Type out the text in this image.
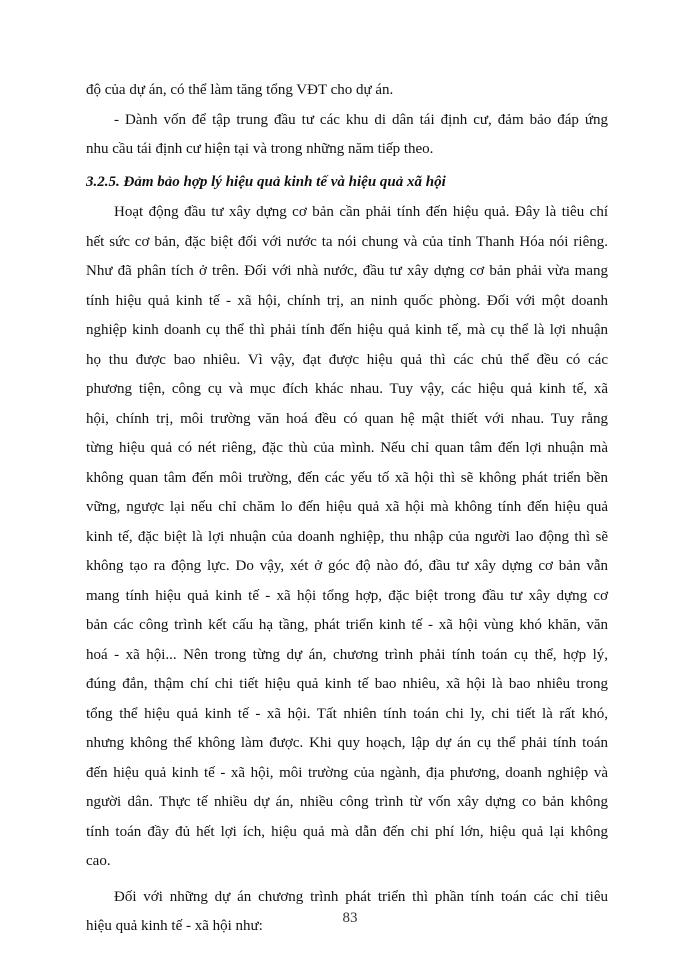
độ của dự án, có thể làm tăng tổng VĐT cho dự án.
- Dành vốn để tập trung đầu tư các khu di dân tái định cư, đảm bảo đáp ứng
nhu cầu tái định cư hiện tại và trong những năm tiếp theo.
3.2.5. Đảm bảo hợp lý hiệu quả kinh tế và hiệu quả xã hội
Hoạt động đầu tư xây dựng cơ bản cần phải tính đến hiệu quả. Đây là tiêu chí
hết sức cơ bản, đặc biệt đối với nước ta nói chung và của tỉnh Thanh Hóa nói riêng.
Như đã phân tích ở trên. Đối với nhà nước, đầu tư xây dựng cơ bản phải vừa mang
tính hiệu quả kinh tế - xã hội, chính trị, an ninh quốc phòng. Đối với một doanh
nghiệp kinh doanh cụ thể thì phải tính đến hiệu quả kinh tế, mà cụ thể là lợi nhuận
họ thu được bao nhiêu. Vì vậy, đạt được hiệu quả thì các chủ thể đều có các
phương tiện, công cụ và mục đích khác nhau. Tuy vậy, các hiệu quả kinh tế, xã
hội, chính trị, môi trường văn hoá đều có quan hệ mật thiết với nhau. Tuy rằng
từng hiệu quả có nét riêng, đặc thù của mình. Nếu chỉ quan tâm đến lợi nhuận mà
không quan tâm đến môi trường, đến các yếu tố xã hội thì sẽ không phát triển bền
vững, ngược lại nếu chỉ chăm lo đến hiệu quả xã hội mà không tính đến hiệu quả
kinh tế, đặc biệt là lợi nhuận của doanh nghiệp, thu nhập của người lao động thì sẽ
không tạo ra động lực. Do vậy, xét ở góc độ nào đó, đầu tư xây dựng cơ bản vẫn
mang tính hiệu quả kinh tế - xã hội tổng hợp, đặc biệt trong đầu tư xây dựng cơ
bản các công trình kết cấu hạ tầng, phát triển kinh tế - xã hội vùng khó khăn, văn
hoá - xã hội... Nên trong từng dự án, chương trình phải tính toán cụ thể, hợp lý,
đúng đắn, thậm chí chi tiết hiệu quả kinh tế bao nhiêu, xã hội là bao nhiêu trong
tổng thể hiệu quả kinh tế - xã hội. Tất nhiên tính toán chi ly, chi tiết là rất khó,
nhưng không thể không làm được. Khi quy hoạch, lập dự án cụ thể phải tính toán
đến hiệu quả kinh tế - xã hội, môi trường của ngành, địa phương, doanh nghiệp và
người dân. Thực tế nhiều dự án, nhiều công trình từ vốn xây dựng co bản không
tính toán đầy đủ hết lợi ích, hiệu quả mà dẫn đến chi phí lớn, hiệu quả lại không
cao.
Đối với những dự án chương trình phát triển thì phần tính toán các chỉ tiêu
hiệu quả kinh tế - xã hội như:	83
